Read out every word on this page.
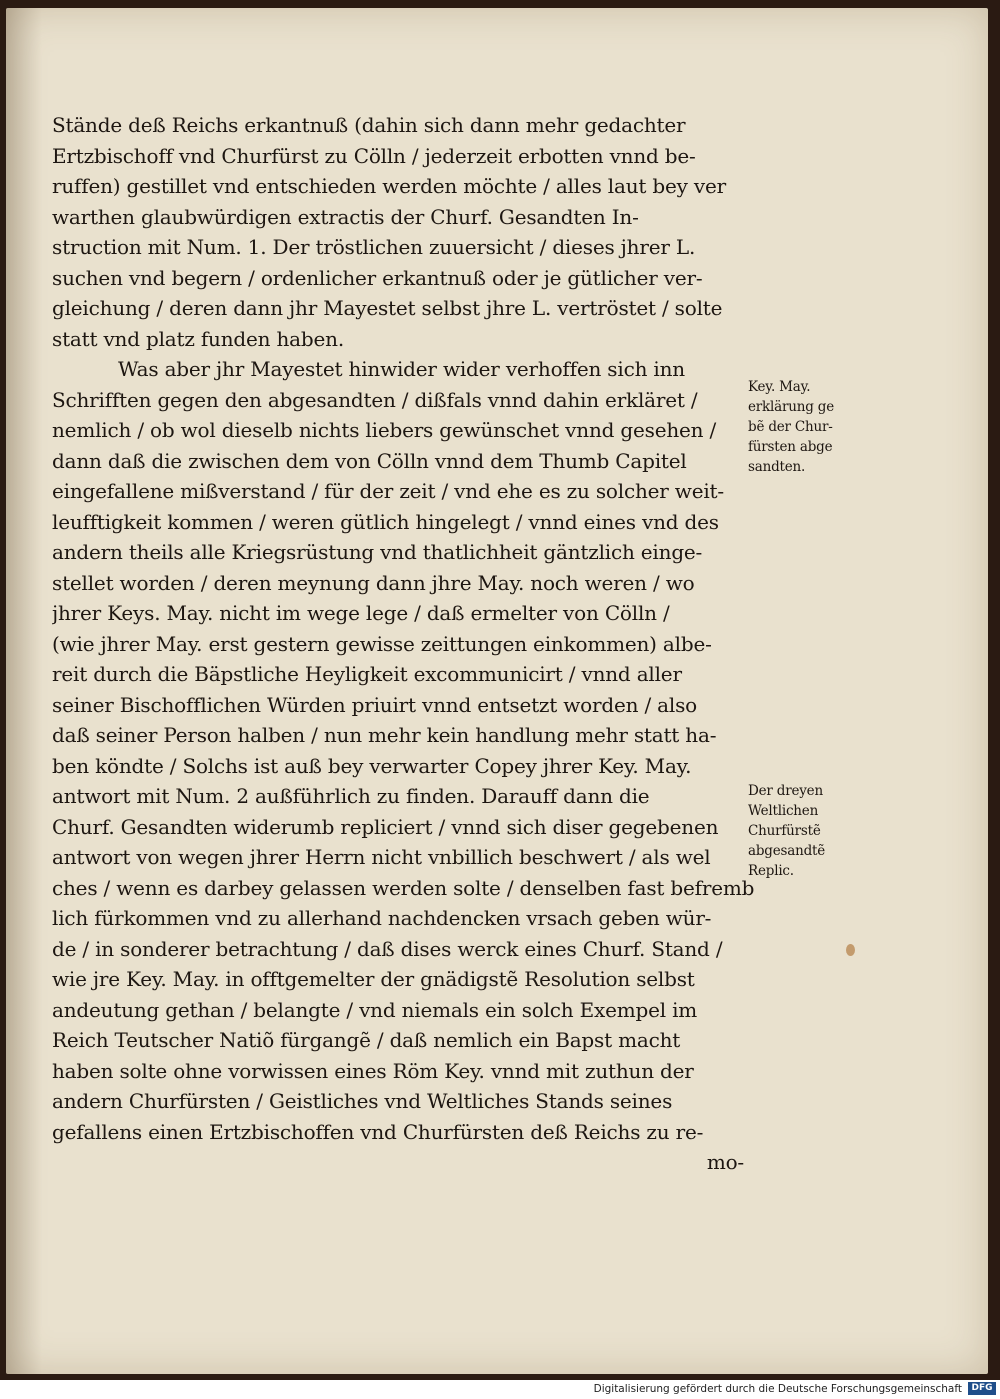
Stände deß Reichs erkantnuß (dahin sich dann mehr gedachter
Ertzbischoff vnd Churfürst zu Cölln / jederzeit erbotten vnnd be-
ruffen) gestillet vnd entschieden werden möchte / alles laut bey ver
warthen glaubwürdigen extractis der Churf. Gesandten In-
struction mit Num. 1. Der tröstlichen zuuersicht / dieses jhrer L.
suchen vnd begern / ordenlicher erkantnuß oder je gütlicher ver-
gleichung / deren dann jhr Mayestet selbst jhre L. vertröstet / solte
statt vnd platz funden haben.
Was aber jhr Mayestet hinwider wider verhoffen sich inn
Schrifften gegen den abgesandten / dißfals vnnd dahin erkläret /
nemlich / ob wol dieselb nichts liebers gewünschet vnnd gesehen /
dann daß die zwischen dem von Cölln vnnd dem Thumb Capitel
eingefallene mißverstand / für der zeit / vnd ehe es zu solcher weit-
leufftigkeit kommen / weren gütlich hingelegt / vnnd eines vnd des
andern theils alle Kriegsrüstung vnd thatlichheit gäntzlich einge-
stellet worden / deren meynung dann jhre May. noch weren / wo
jhrer Keys. May. nicht im wege lege / daß ermelter von Cölln /
(wie jhrer May. erst gestern gewisse zeittungen einkommen) albe-
reit durch die Bäpstliche Heyligkeit excommunicirt / vnnd aller
seiner Bischofflichen Würden priuirt vnnd entsetzt worden / also
daß seiner Person halben / nun mehr kein handlung mehr statt ha-
ben köndte / Solchs ist auß bey verwarter Copey jhrer Key. May.
antwort mit Num. 2 außführlich zu finden. Darauff dann die
Churf. Gesandten widerumb repliciert / vnnd sich diser gegebenen
antwort von wegen jhrer Herrn nicht vnbillich beschwert / als wel
ches / wenn es darbey gelassen werden solte / denselben fast befremb
lich fürkommen vnd zu allerhand nachdencken vrsach geben wür-
de / in sonderer betrachtung / daß dises werck eines Churf. Stand /
wie jre Key. May. in offtgemelter der gnädigstẽ Resolution selbst
andeutung gethan / belangte / vnd niemals ein solch Exempel im
Reich Teutscher Natiõ fürgangẽ / daß nemlich ein Bapst macht
haben solte ohne vorwissen eines Röm Key. vnnd mit zuthun der
andern Churfürsten / Geistliches vnd Weltliches Stands seines
gefallens einen Ertzbischoffen vnd Churfürsten deß Reichs zu re-
mo-
Key. May.
erklärung ge
bẽ der Chur-
fürsten abge
sandten.
Der dreyen
Weltlichen
Churfürstẽ
abgesandtẽ
Replic.
Digitalisierung gefördert durch die Deutsche Forschungsgemeinschaft	DFG
